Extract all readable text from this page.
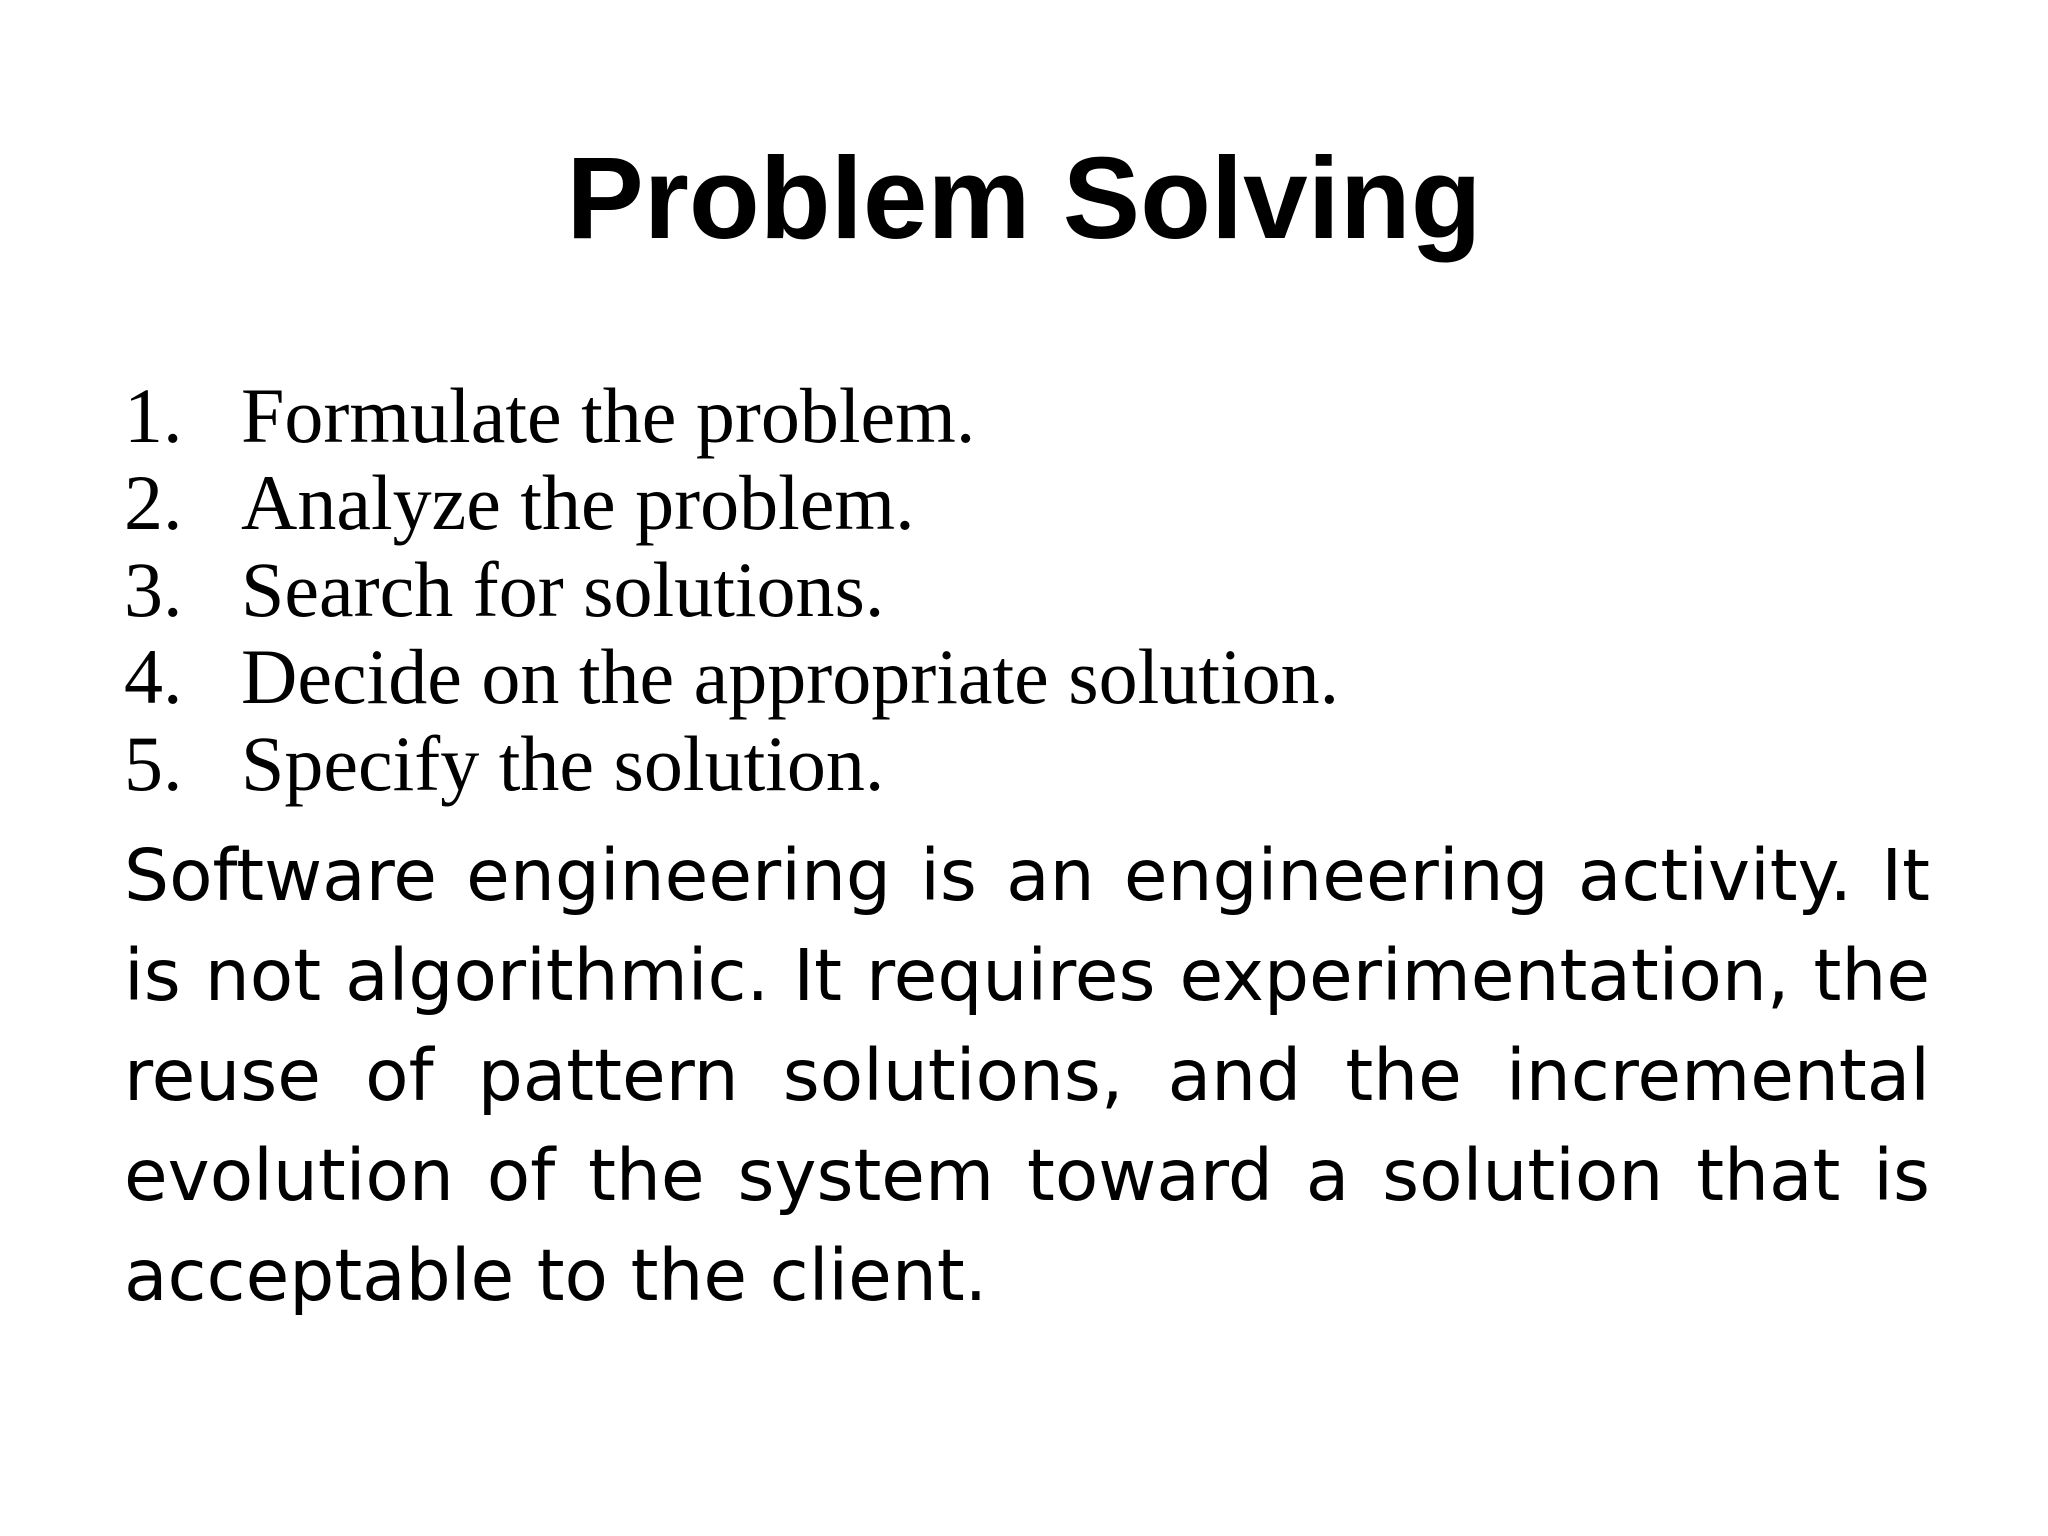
Problem Solving
1. Formulate the problem.
2. Analyze the problem.
3. Search for solutions.
4. Decide on the appropriate solution.
5. Specify the solution.

Software engineering is an engineering activity. It is not algorithmic. It requires experimentation, the reuse of pattern solutions, and the incremental evolution of the system toward a solution that is acceptable to the client.
